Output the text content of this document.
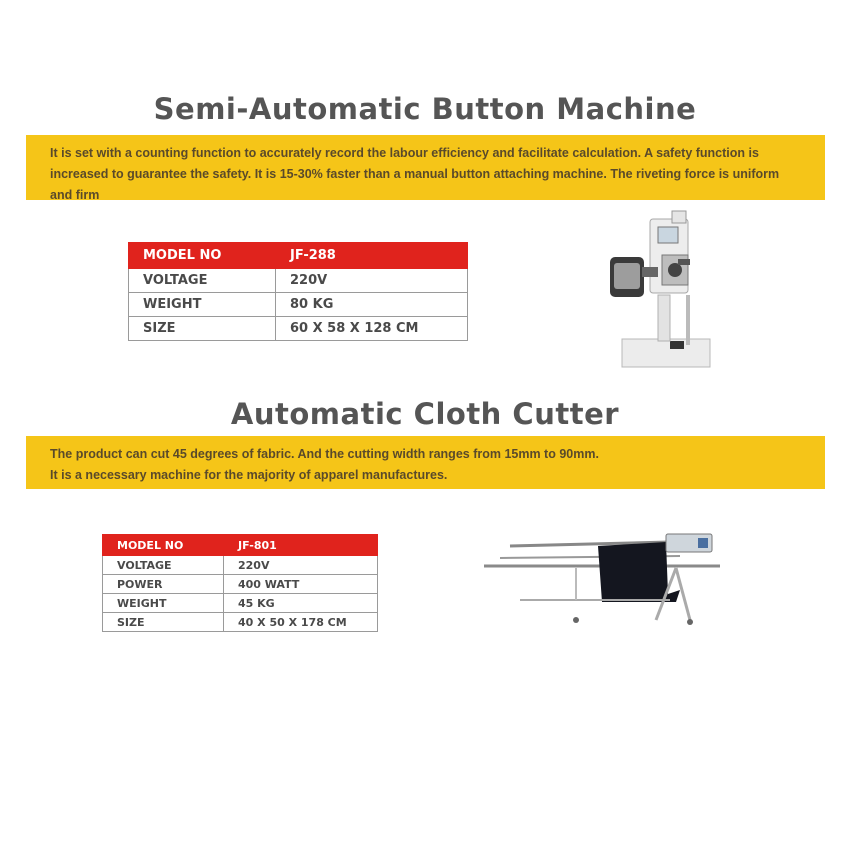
Semi-Automatic Button Machine
It is set with a counting function to accurately record the labour efficiency and facilitate calculation. A safety function is increased to guarantee the safety. It is 15-30% faster than a manual button attaching machine. The riveting force is uniform and firm
MODEL NO	JF-288
VOLTAGE	220V
WEIGHT	80 KG
SIZE	60 X 58 X 128 CM
Automatic Cloth Cutter
The product can cut 45 degrees of fabric. And the cutting width ranges from 15mm to 90mm.
It is a necessary machine for the majority of apparel manufactures.
MODEL NO	JF-801
VOLTAGE	220V
POWER	400 WATT
WEIGHT	45 KG
SIZE	40 X 50 X 178 CM
